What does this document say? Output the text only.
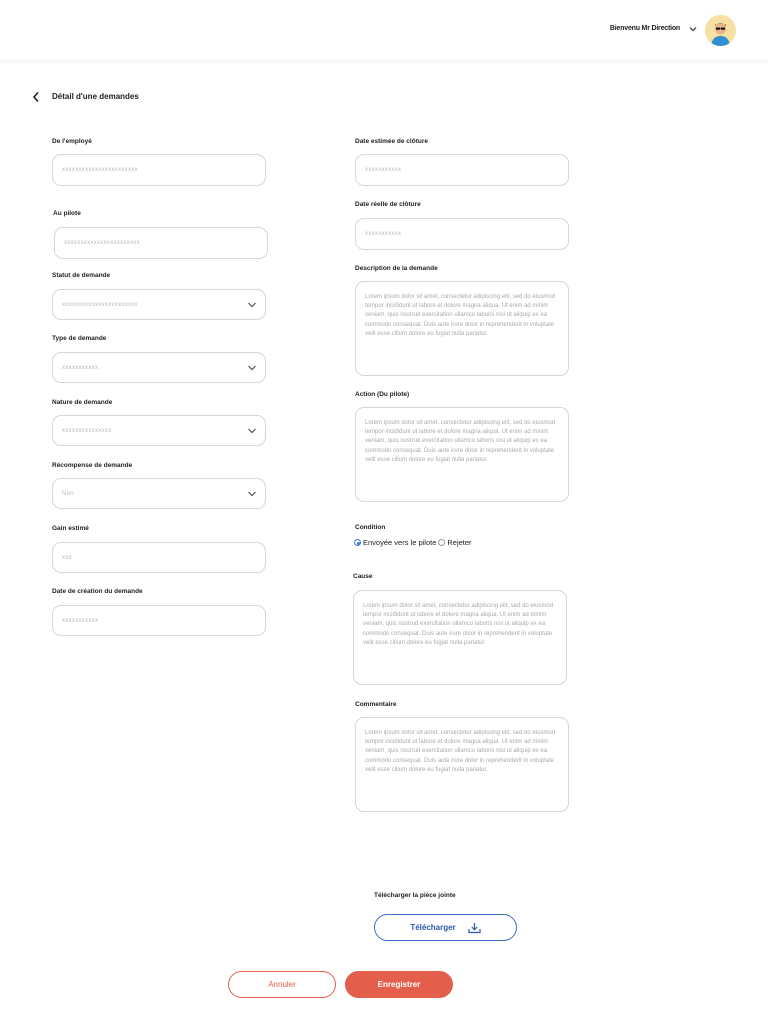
Bienvenu Mr Direction
Détail d'une demandes
De l'employé
xxxxxxxxxxxxxxxxxxxxxxx
Au pilote
xxxxxxxxxxxxxxxxxxxxxxx
Statut de demande
xxxxxxxxxxxxxxxxxxxxxxx
Type de demande
xxxxxxxxxxx
Nature de demande
xxxxxxxxxxxxxxx
Récompense de demande
Non
Gain estimé
xxx
Date de création du demande
xxxxxxxxxxx
Date estimée de clôture
xxxxxxxxxxx
Date réelle de clôture
xxxxxxxxxxx
Description de la demande
Lorem ipsum dolor sit amet, consectetur adipiscing elit, sed do eiusmod tempor incididunt ut labore et dolore magna aliqua. Ut enim ad minim veniam, quis nostrud exercitation ullamco laboris nisi ut aliquip ex ea commodo consequat. Duis aute irure dolor in reprehenderit in voluptate velit esse cillum dolore eu fugiat nulla pariatur.
Action (Du pilote)
Lorem ipsum dolor sit amet, consectetur adipiscing elit, sed do eiusmod tempor incididunt ut labore et dolore magna aliqua. Ut enim ad minim veniam, quis nostrud exercitation ullamco laboris nisi ut aliquip ex ea commodo consequat. Duis aute irure dolor in reprehenderit in voluptate velit esse cillum dolore eu fugiat nulla pariatur.
Condition
Envoyée vers le pilote Rejeter
Cause
Lorem ipsum dolor sit amet, consectetur adipiscing elit, sed do eiusmod tempor incididunt ut labore et dolore magna aliqua. Ut enim ad minim veniam, quis nostrud exercitation ullamco laboris nisi ut aliquip ex ea commodo consequat. Duis aute irure dolor in reprehenderit in voluptate velit esse cillum dolore eu fugiat nulla pariatur.
Commentaire
Lorem ipsum dolor sit amet, consectetur adipiscing elit, sed do eiusmod tempor incididunt ut labore et dolore magna aliqua. Ut enim ad minim veniam, quis nostrud exercitation ullamco laboris nisi ut aliquip ex ea commodo consequat. Duis aute irure dolor in reprehenderit in voluptate velit esse cillum dolore eu fugiat nulla pariatur.
Télécharger la pièce jointe
Télécharger
Annuler	Enregistrer
